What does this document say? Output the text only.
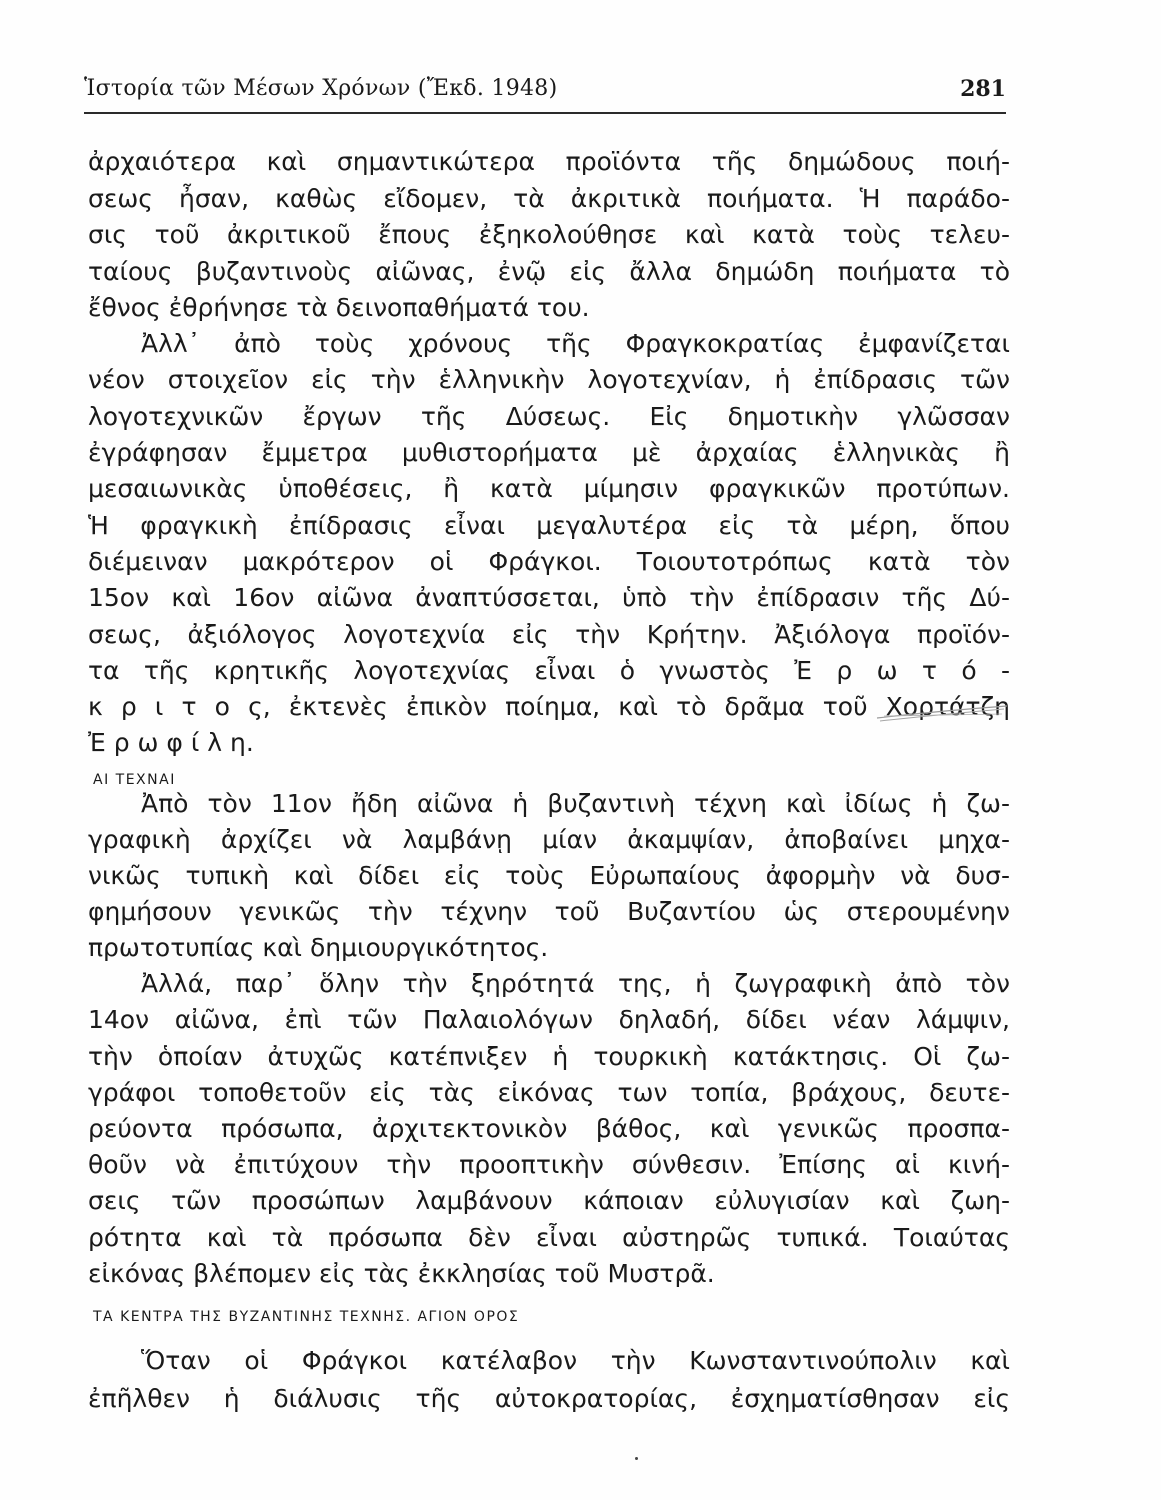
Ἱστορία τῶν Μέσων Χρόνων (Ἔκδ. 1948)	281
ἀρχαιότερα καὶ σημαντικώτερα προϊόντα τῆς δημώδους ποιή-
σεως ἦσαν, καθὼς εἴδομεν, τὰ ἀκριτικὰ ποιήματα. Ἡ παράδο-
σις τοῦ ἀκριτικοῦ ἔπους ἐξηκολούθησε καὶ κατὰ τοὺς τελευ-
ταίους βυζαντινοὺς αἰῶνας, ἐνῷ εἰς ἄλλα δημώδη ποιήματα τὸ
ἔθνος ἐθρήνησε τὰ δεινοπαθήματά του.
Ἀλλ᾽ ἀπὸ τοὺς χρόνους τῆς Φραγκοκρατίας ἐμφανίζεται
νέον στοιχεῖον εἰς τὴν ἑλληνικὴν λογοτεχνίαν, ἡ ἐπίδρασις τῶν
λογοτεχνικῶν ἔργων τῆς Δύσεως. Εἰς δημοτικὴν γλῶσσαν
ἐγράφησαν ἔμμετρα μυθιστορήματα μὲ ἀρχαίας ἑλληνικὰς ἢ
μεσαιωνικὰς ὑποθέσεις, ἢ κατὰ μίμησιν φραγκικῶν προτύπων.
Ἡ φραγκικὴ ἐπίδρασις εἶναι μεγαλυτέρα εἰς τὰ μέρη, ὅπου
διέμειναν μακρότερον οἱ Φράγκοι. Τοιουτοτρόπως κατὰ τὸν
15ον καὶ 16ον αἰῶνα ἀναπτύσσεται, ὑπὸ τὴν ἐπίδρασιν τῆς Δύ-
σεως, ἀξιόλογος λογοτεχνία εἰς τὴν Κρήτην. Ἀξιόλογα προϊόν-
τα τῆς κρητικῆς λογοτεχνίας εἶναι ὁ γνωστὸς Ἐ ρ ω τ ό -
κ ρ ι τ ο ς, ἐκτενὲς ἐπικὸν ποίημα, καὶ τὸ δρᾶμα τοῦ Χορτάτζη
Ἐ ρ ω φ ί λ η.
ΑΙ ΤΕΧΝΑΙ
Ἀπὸ τὸν 11ον ἤδη αἰῶνα ἡ βυζαντινὴ τέχνη καὶ ἰδίως ἡ ζω-
γραφικὴ ἀρχίζει νὰ λαμβάνῃ μίαν ἀκαμψίαν, ἀποβαίνει μηχα-
νικῶς τυπικὴ καὶ δίδει εἰς τοὺς Εὐρωπαίους ἀφορμὴν νὰ δυσ-
φημήσουν γενικῶς τὴν τέχνην τοῦ Βυζαντίου ὡς στερουμένην
πρωτοτυπίας καὶ δημιουργικότητος.
Ἀλλά, παρ᾽ ὅλην τὴν ξηρότητά της, ἡ ζωγραφικὴ ἀπὸ τὸν
14ον αἰῶνα, ἐπὶ τῶν Παλαιολόγων δηλαδή, δίδει νέαν λάμψιν,
τὴν ὁποίαν ἀτυχῶς κατέπνιξεν ἡ τουρκικὴ κατάκτησις. Οἱ ζω-
γράφοι τοποθετοῦν εἰς τὰς εἰκόνας των τοπία, βράχους, δευτε-
ρεύοντα πρόσωπα, ἀρχιτεκτονικὸν βάθος, καὶ γενικῶς προσπα-
θοῦν νὰ ἐπιτύχουν τὴν προοπτικὴν σύνθεσιν. Ἐπίσης αἱ κινή-
σεις τῶν προσώπων λαμβάνουν κάποιαν εὐλυγισίαν καὶ ζωη-
ρότητα καὶ τὰ πρόσωπα δὲν εἶναι αὐστηρῶς τυπικά. Τοιαύτας
εἰκόνας βλέπομεν εἰς τὰς ἐκκλησίας τοῦ Μυστρᾶ.
ΤΑ ΚΕΝΤΡΑ ΤΗΣ ΒΥΖΑΝΤΙΝΗΣ ΤΕΧΝΗΣ. ΑΓΙΟΝ ΟΡΟΣ
Ὅταν οἱ Φράγκοι κατέλαβον τὴν Κωνσταντινούπολιν καὶ
ἐπῆλθεν ἡ διάλυσις τῆς αὐτοκρατορίας, ἐσχηματίσθησαν εἰς
